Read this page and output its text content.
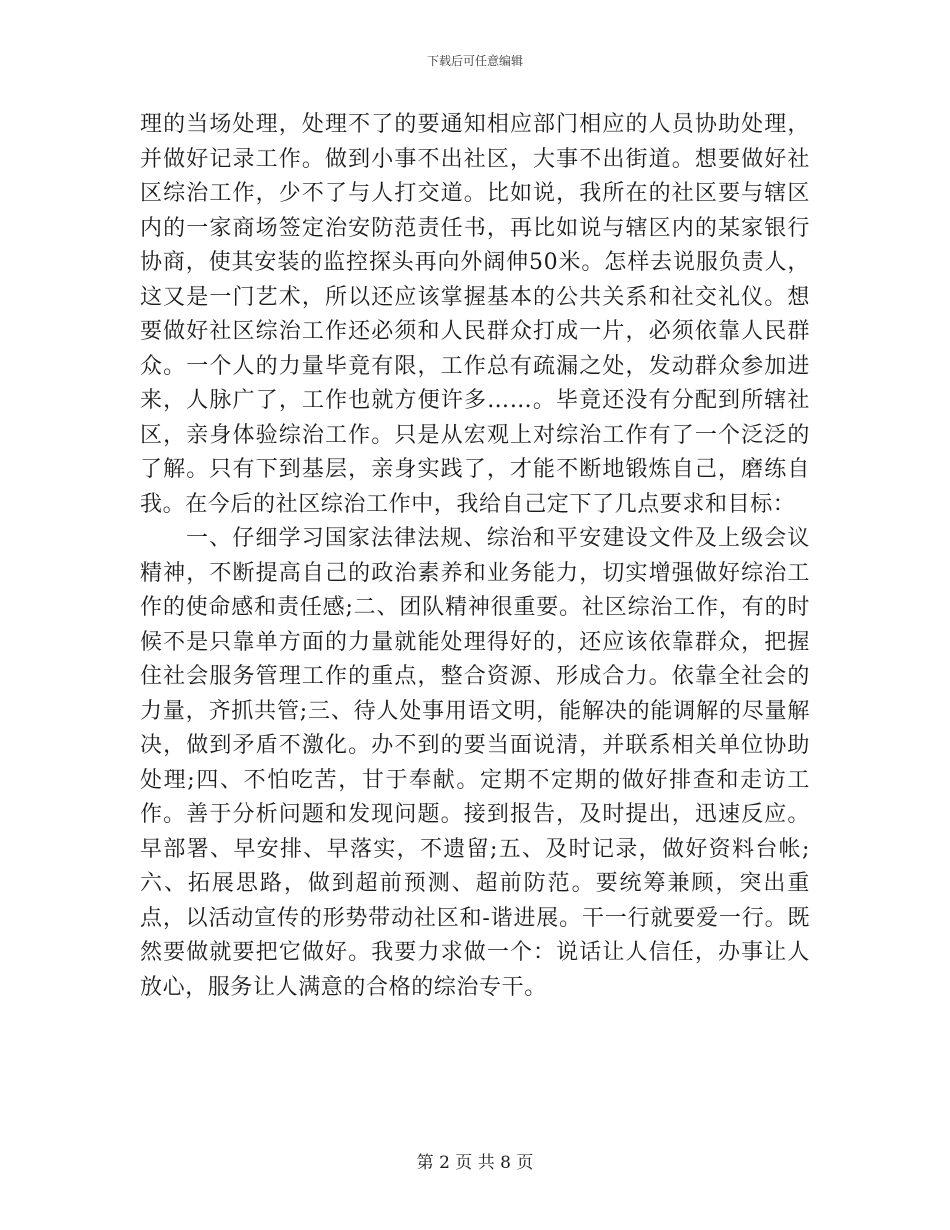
下载后可任意编辑

理的当场处理，处理不了的要通知相应部门相应的人员协助处理，并做好记录工作。做到小事不出社区，大事不出街道。想要做好社区综治工作，少不了与人打交道。比如说，我所在的社区要与辖区内的一家商场签定治安防范责任书，再比如说与辖区内的某家银行协商，使其安装的监控探头再向外阔伸50米。怎样去说服负责人，这又是一门艺术，所以还应该掌握基本的公共关系和社交礼仪。想要做好社区综治工作还必须和人民群众打成一片，必须依靠人民群众。一个人的力量毕竟有限，工作总有疏漏之处，发动群众参加进来，人脉广了，工作也就方便许多……。毕竟还没有分配到所辖社区，亲身体验综治工作。只是从宏观上对综治工作有了一个泛泛的了解。只有下到基层，亲身实践了，才能不断地锻炼自己，磨练自我。在今后的社区综治工作中，我给自己定下了几点要求和目标：

一、仔细学习国家法律法规、综治和平安建设文件及上级会议精神，不断提高自己的政治素养和业务能力，切实增强做好综治工作的使命感和责任感;二、团队精神很重要。社区综治工作，有的时候不是只靠单方面的力量就能处理得好的，还应该依靠群众，把握住社会服务管理工作的重点，整合资源、形成合力。依靠全社会的力量，齐抓共管;三、待人处事用语文明，能解决的能调解的尽量解决，做到矛盾不激化。办不到的要当面说清，并联系相关单位协助处理;四、不怕吃苦，甘于奉献。定期不定期的做好排查和走访工作。善于分析问题和发现问题。接到报告，及时提出，迅速反应。早部署、早安排、早落实，不遗留;五、及时记录，做好资料台帐;六、拓展思路，做到超前预测、超前防范。要统筹兼顾，突出重点，以活动宣传的形势带动社区和-谐进展。干一行就要爱一行。既然要做就要把它做好。我要力求做一个：说话让人信任，办事让人放心，服务让人满意的合格的综治专干。

第 2 页 共 8 页
